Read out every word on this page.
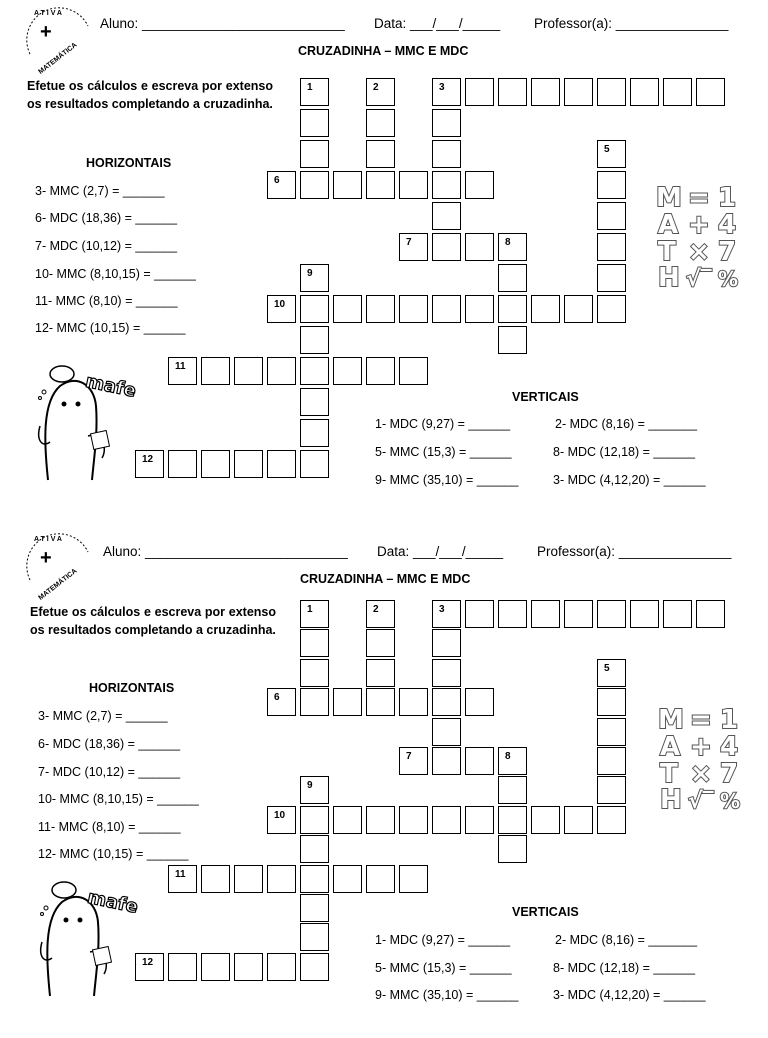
ATIVA
+
MATEMÁTICA
Aluno: ___________________________ Data: ___/___/_____	Professor(a): _______________
CRUZADINHA – MMC E MDC
Efetue os cálculos e escreva por extenso os resultados completando a cruzadinha.
HORIZONTAIS
3- MMC (2,7) = ______
6- MDC (18,36) = ______
7- MDC (10,12) = ______
10- MMC (8,10,15) = ______
11- MMC (8,10) = ______
12- MMC (10,15) = ______
VERTICAIS
1- MDC (9,27) = ______	2- MDC (8,16) = _______
5- MMC (15,3) = ______	8- MDC (12,18) = ______
9- MMC (35,10) = ______	3- MDC (4,12,20) = ______
3
1	2
5
6
7	8
9
10
11
12
M = 1
A + 4
T × 7
H √‾ %
mafe
ATIVA
+
MATEMÁTICA
Aluno: ___________________________ Data: ___/___/_____	Professor(a): _______________
CRUZADINHA – MMC E MDC
Efetue os cálculos e escreva por extenso os resultados completando a cruzadinha.
HORIZONTAIS
3- MMC (2,7) = ______
6- MDC (18,36) = ______
7- MDC (10,12) = ______
10- MMC (8,10,15) = ______
11- MMC (8,10) = ______
12- MMC (10,15) = ______
VERTICAIS
1- MDC (9,27) = ______	2- MDC (8,16) = _______
5- MMC (15,3) = ______	8- MDC (12,18) = ______
9- MMC (35,10) = ______	3- MDC (4,12,20) = ______
3
1	2
5
6
7	8
9
10
11
12
M = 1
A + 4
T × 7
H √‾ %
mafe
